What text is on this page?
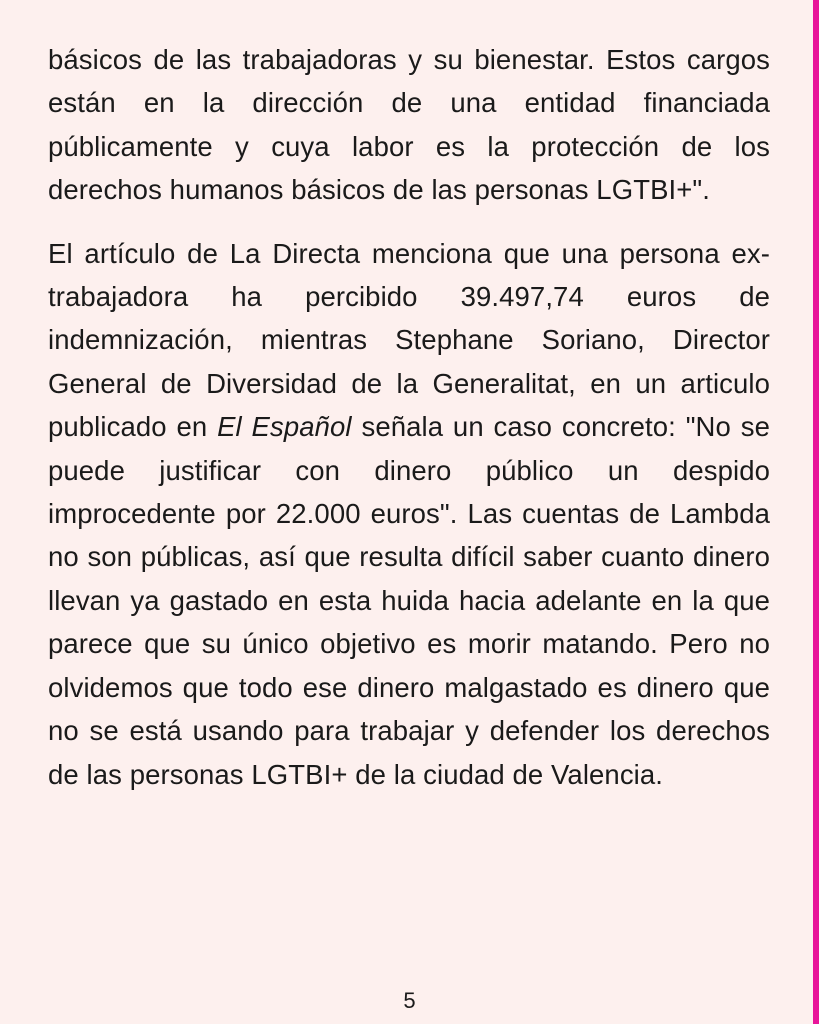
básicos de las trabajadoras y su bienestar. Estos cargos están en la dirección de una entidad financiada públicamente y cuya labor es la protección de los derechos humanos básicos de las personas LGTBI+".

El artículo de La Directa menciona que una persona ex-trabajadora ha percibido 39.497,74 euros de indemnización, mientras Stephane Soriano, Director General de Diversidad de la Generalitat, en un articulo publicado en El Español señala un caso concreto: "No se puede justificar con dinero público un despido improcedente por 22.000 euros". Las cuentas de Lambda no son públicas, así que resulta difícil saber cuanto dinero llevan ya gastado en esta huida hacia adelante en la que parece que su único objetivo es morir matando. Pero no olvidemos que todo ese dinero malgastado es dinero que no se está usando para trabajar y defender los derechos de las personas LGTBI+ de la ciudad de Valencia.

5
